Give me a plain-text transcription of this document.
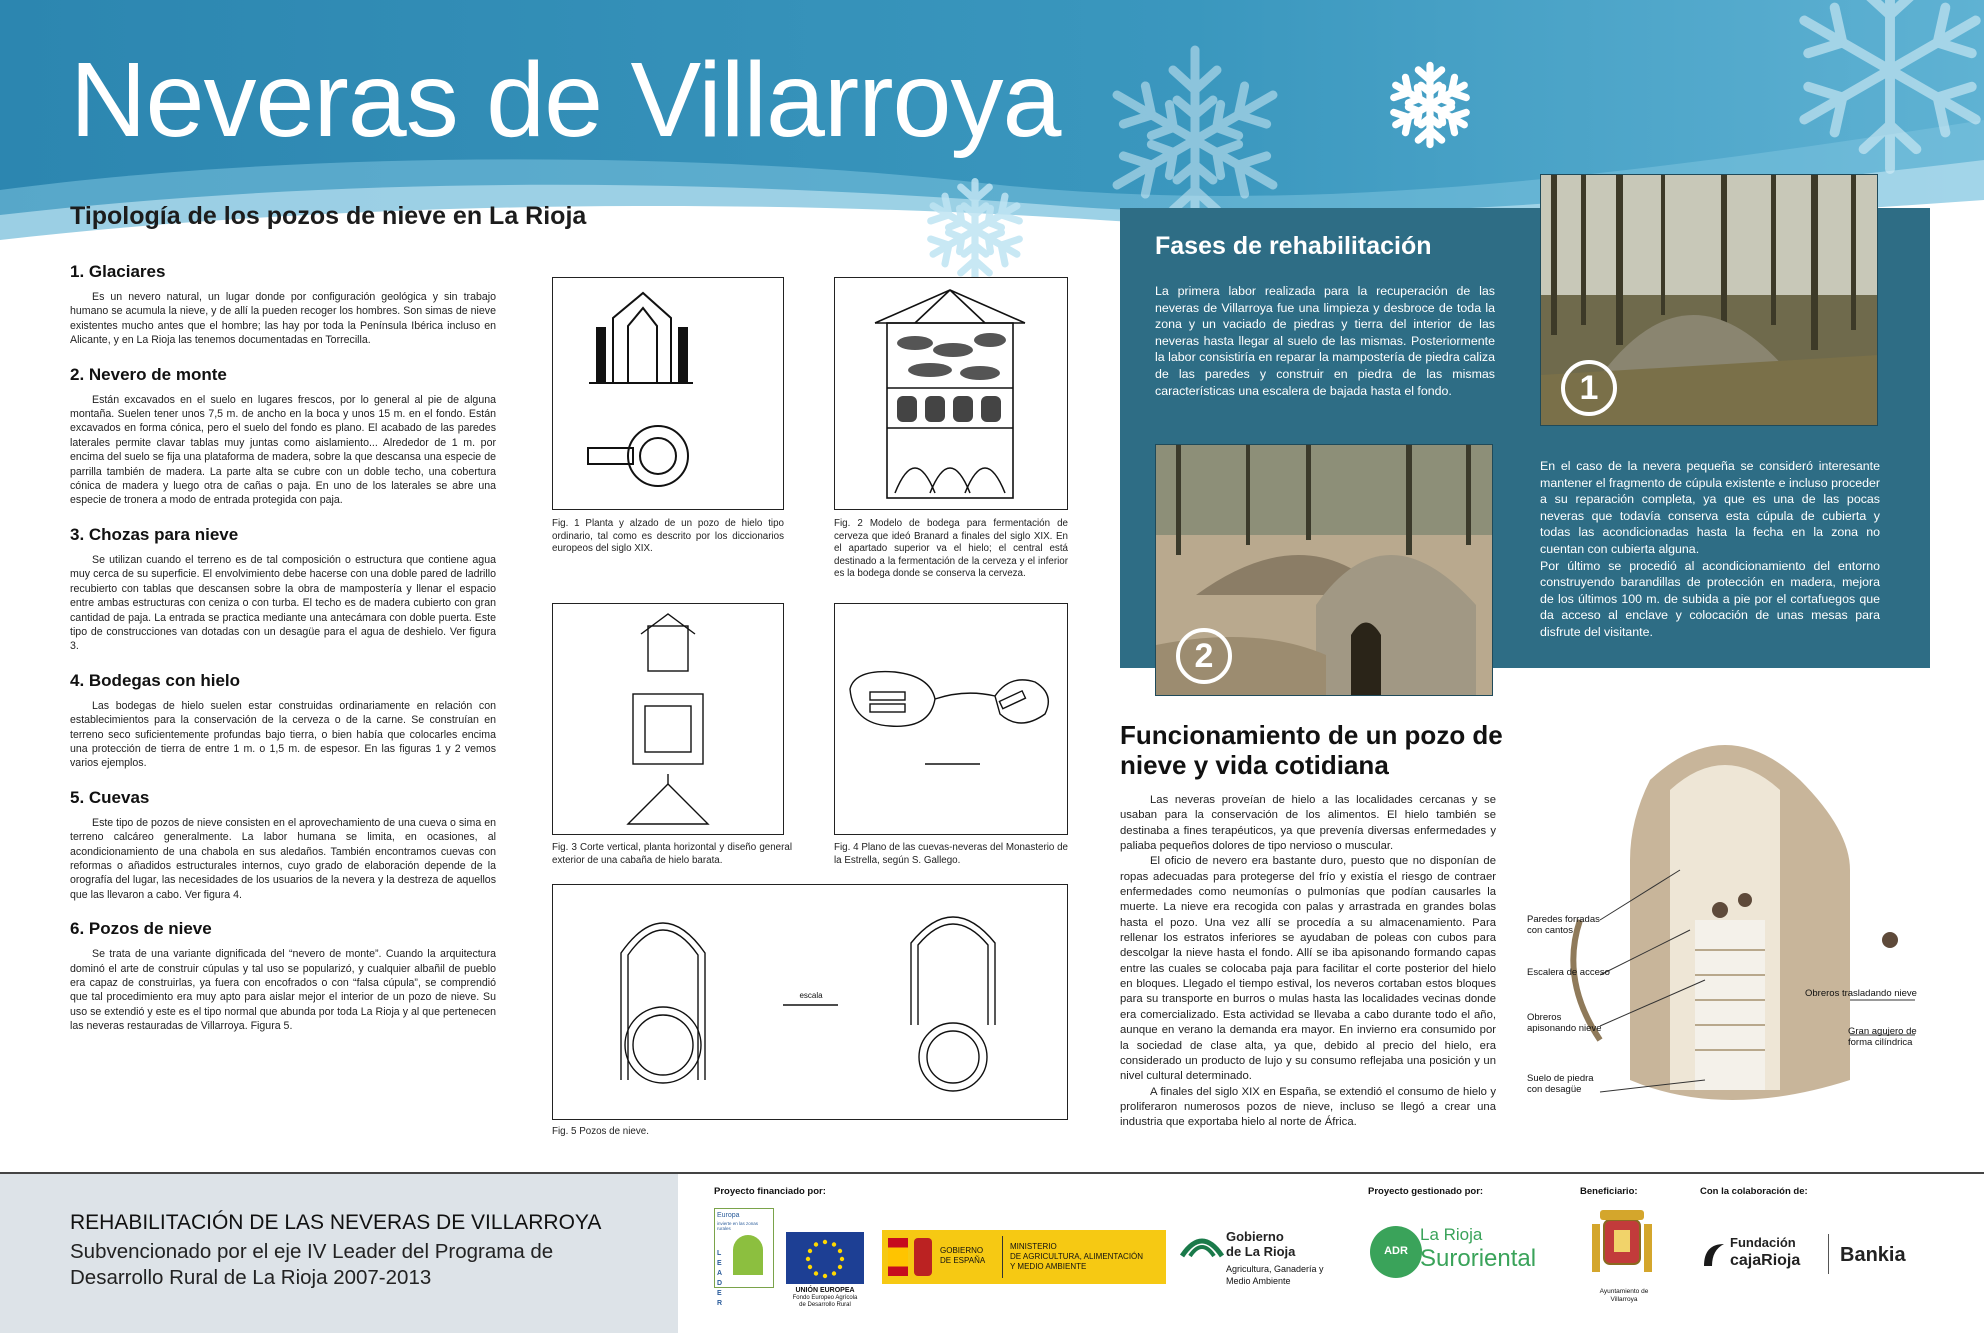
Neveras de Villarroya
Tipología de los pozos de nieve en La Rioja
1. Glaciares

Es un nevero natural, un lugar donde por configuración geológica y sin trabajo humano se acumula la nieve, y de allí la pueden recoger los hombres. Son simas de nieve existentes mucho antes que el hombre; las hay por toda la Península Ibérica incluso en Alicante, y en La Rioja las tenemos documentadas en Torrecilla.

2. Nevero de monte

Están excavados en el suelo en lugares frescos, por lo general al pie de alguna montaña. Suelen tener unos 7,5 m. de ancho en la boca y unos 15 m. en el fondo. Están excavados en forma cónica, pero el suelo del fondo es plano. El acabado de las paredes laterales permite clavar tablas muy juntas como aislamiento... Alrededor de 1 m. por encima del suelo se fija una plataforma de madera, sobre la que descansa una especie de parrilla también de madera. La parte alta se cubre con un doble techo, una cobertura cónica de madera y luego otra de cañas o paja. En uno de los laterales se abre una especie de tronera a modo de entrada protegida con paja.

3. Chozas para nieve

Se utilizan cuando el terreno es de tal composición o estructura que contiene agua muy cerca de su superficie. El envolvimiento debe hacerse con una doble pared de ladrillo recubierto con tablas que descansen sobre la obra de mampostería y llenar el espacio entre ambas estructuras con ceniza o con turba. El techo es de madera cubierto con gran cantidad de paja. La entrada se practica mediante una antecámara con doble puerta. Este tipo de construcciones van dotadas con un desagüe para el agua de deshielo. Ver figura 3.

4. Bodegas con hielo

Las bodegas de hielo suelen estar construidas ordinariamente en relación con establecimientos para la conservación de la cerveza o de la carne. Se construían en terreno seco suficientemente profundas bajo tierra, o bien había que colocarles encima una protección de tierra de entre 1 m. o 1,5 m. de espesor. En las figuras 1 y 2 vemos varios ejemplos.

5. Cuevas

Este tipo de pozos de nieve consisten en el aprovechamiento de una cueva o sima en terreno calcáreo generalmente. La labor humana se limita, en ocasiones, al acondicionamiento de una chabola en sus aledaños. También encontramos cuevas con reformas o añadidos estructurales internos, cuyo grado de elaboración depende de la orografía del lugar, las necesidades de los usuarios de la nevera y la destreza de aquellos que las llevaron a cabo. Ver figura 4.

6. Pozos de nieve

Se trata de una variante dignificada del “nevero de monte”. Cuando la arquitectura dominó el arte de construir cúpulas y tal uso se popularizó, y cualquier albañil de pueblo era capaz de construirlas, ya fuera con encofrados o con “falsa cúpula”, se comprendió que tal procedimiento era muy apto para aislar mejor el interior de un pozo de nieve. Su uso se extendió y este es el tipo normal que abunda por toda La Rioja y al que pertenecen las neveras restauradas de Villarroya. Figura 5.

Fig. 1 Planta y alzado de un pozo de hielo tipo ordinario, tal como es descrito por los diccionarios europeos del siglo XIX.
Fig. 2 Modelo de bodega para fermentación de cerveza que ideó Branard a finales del siglo XIX. En el apartado superior va el hielo; el central está destinado a la fermentación de la cerveza y el inferior es la bodega donde se conserva la cerveza.
Fig. 3 Corte vertical, planta horizontal y diseño general exterior de una cabaña de hielo barata.
Fig. 4 Plano de las cuevas-neveras del Monasterio de la Estrella, según S. Gallego.
escala
Fig. 5 Pozos de nieve.
Fases de rehabilitación
La primera labor realizada para la recuperación de las neveras de Villarroya fue una limpieza y desbroce de toda la zona y un vaciado de piedras y tierra del interior de las neveras hasta llegar al suelo de las mismas. Posteriormente la labor consistiría en reparar la mampostería de piedra caliza de las paredes y construir en piedra de las mismas características una escalera de bajada hasta el fondo.
En el caso de la nevera pequeña se consideró interesante mantener el fragmento de cúpula existente e incluso proceder a su reparación completa, ya que es una de las pocas neveras que todavía conserva esta cúpula de cubierta y todas las acondicionadas hasta la fecha en la zona no cuentan con cubierta alguna.
Por último se procedió al acondicionamiento del entorno construyendo barandillas de protección en madera, mejora de los últimos 100 m. de subida a pie por el cortafuegos que da acceso al enclave y colocación de unas mesas para disfrute del visitante.
1
2
Funcionamiento de un pozo de nieve y vida cotidiana

Las neveras proveían de hielo a las localidades cercanas y se usaban para la conservación de los alimentos. El hielo también se destinaba a fines terapéuticos, ya que prevenía diversas enfermedades y paliaba pequeños dolores de tipo nervioso o muscular.

El oficio de nevero era bastante duro, puesto que no disponían de ropas adecuadas para protegerse del frío y existía el riesgo de contraer enfermedades como neumonías o pulmonías que podían causarles la muerte. La nieve era recogida con palas y arrastrada en grandes bolas hasta el pozo. Una vez allí se procedía a su almacenamiento. Para rellenar los estratos inferiores se ayudaban de poleas con cubos para descolgar la nieve hasta el fondo. Allí se iba apisonando formando capas entre las cuales se colocaba paja para facilitar el corte posterior del hielo en bloques. Llegado el tiempo estival, los neveros cortaban estos bloques para su transporte en burros o mulas hasta las localidades vecinas donde era comercializado. Esta actividad se llevaba a cabo durante todo el año, aunque en verano la demanda era mayor. En invierno era consumido por la sociedad de clase alta, ya que, debido al precio del hielo, era considerado un producto de lujo y su consumo reflejaba una posición y un nivel cultural determinado.

A finales del siglo XIX en España, se extendió el consumo de hielo y proliferaron numerosos pozos de nieve, incluso se llegó a crear una industria que exportaba hielo al norte de África.

Paredes forradas con cantos
Escalera de acceso
Obreros apisonando nieve
Suelo de piedra con desagüe
Obreros trasladando nieve
Gran agujero de forma cilíndrica
REHABILITACIÓN DE LAS NEVERAS DE VILLARROYA
Subvencionado por el eje IV Leader del Programa de
Desarrollo Rural de La Rioja 2007-2013
Proyecto financiado por:	Proyecto gestionado por:	Beneficiario:	Con la colaboración de:
Europa
invierte en las zonas rurales
LEADER
UNIÓN EUROPEA
Fondo Europeo Agrícola
de Desarrollo Rural
GOBIERNO
DE ESPAÑA
MINISTERIO
DE AGRICULTURA, ALIMENTACIÓN
Y MEDIO AMBIENTE
Gobierno
de La Rioja
Agricultura, Ganadería y
Medio Ambiente
ADR
La Rioja
Suroriental
Ayuntamiento de
Villarroya
Fundación
cajaRioja Bankia
